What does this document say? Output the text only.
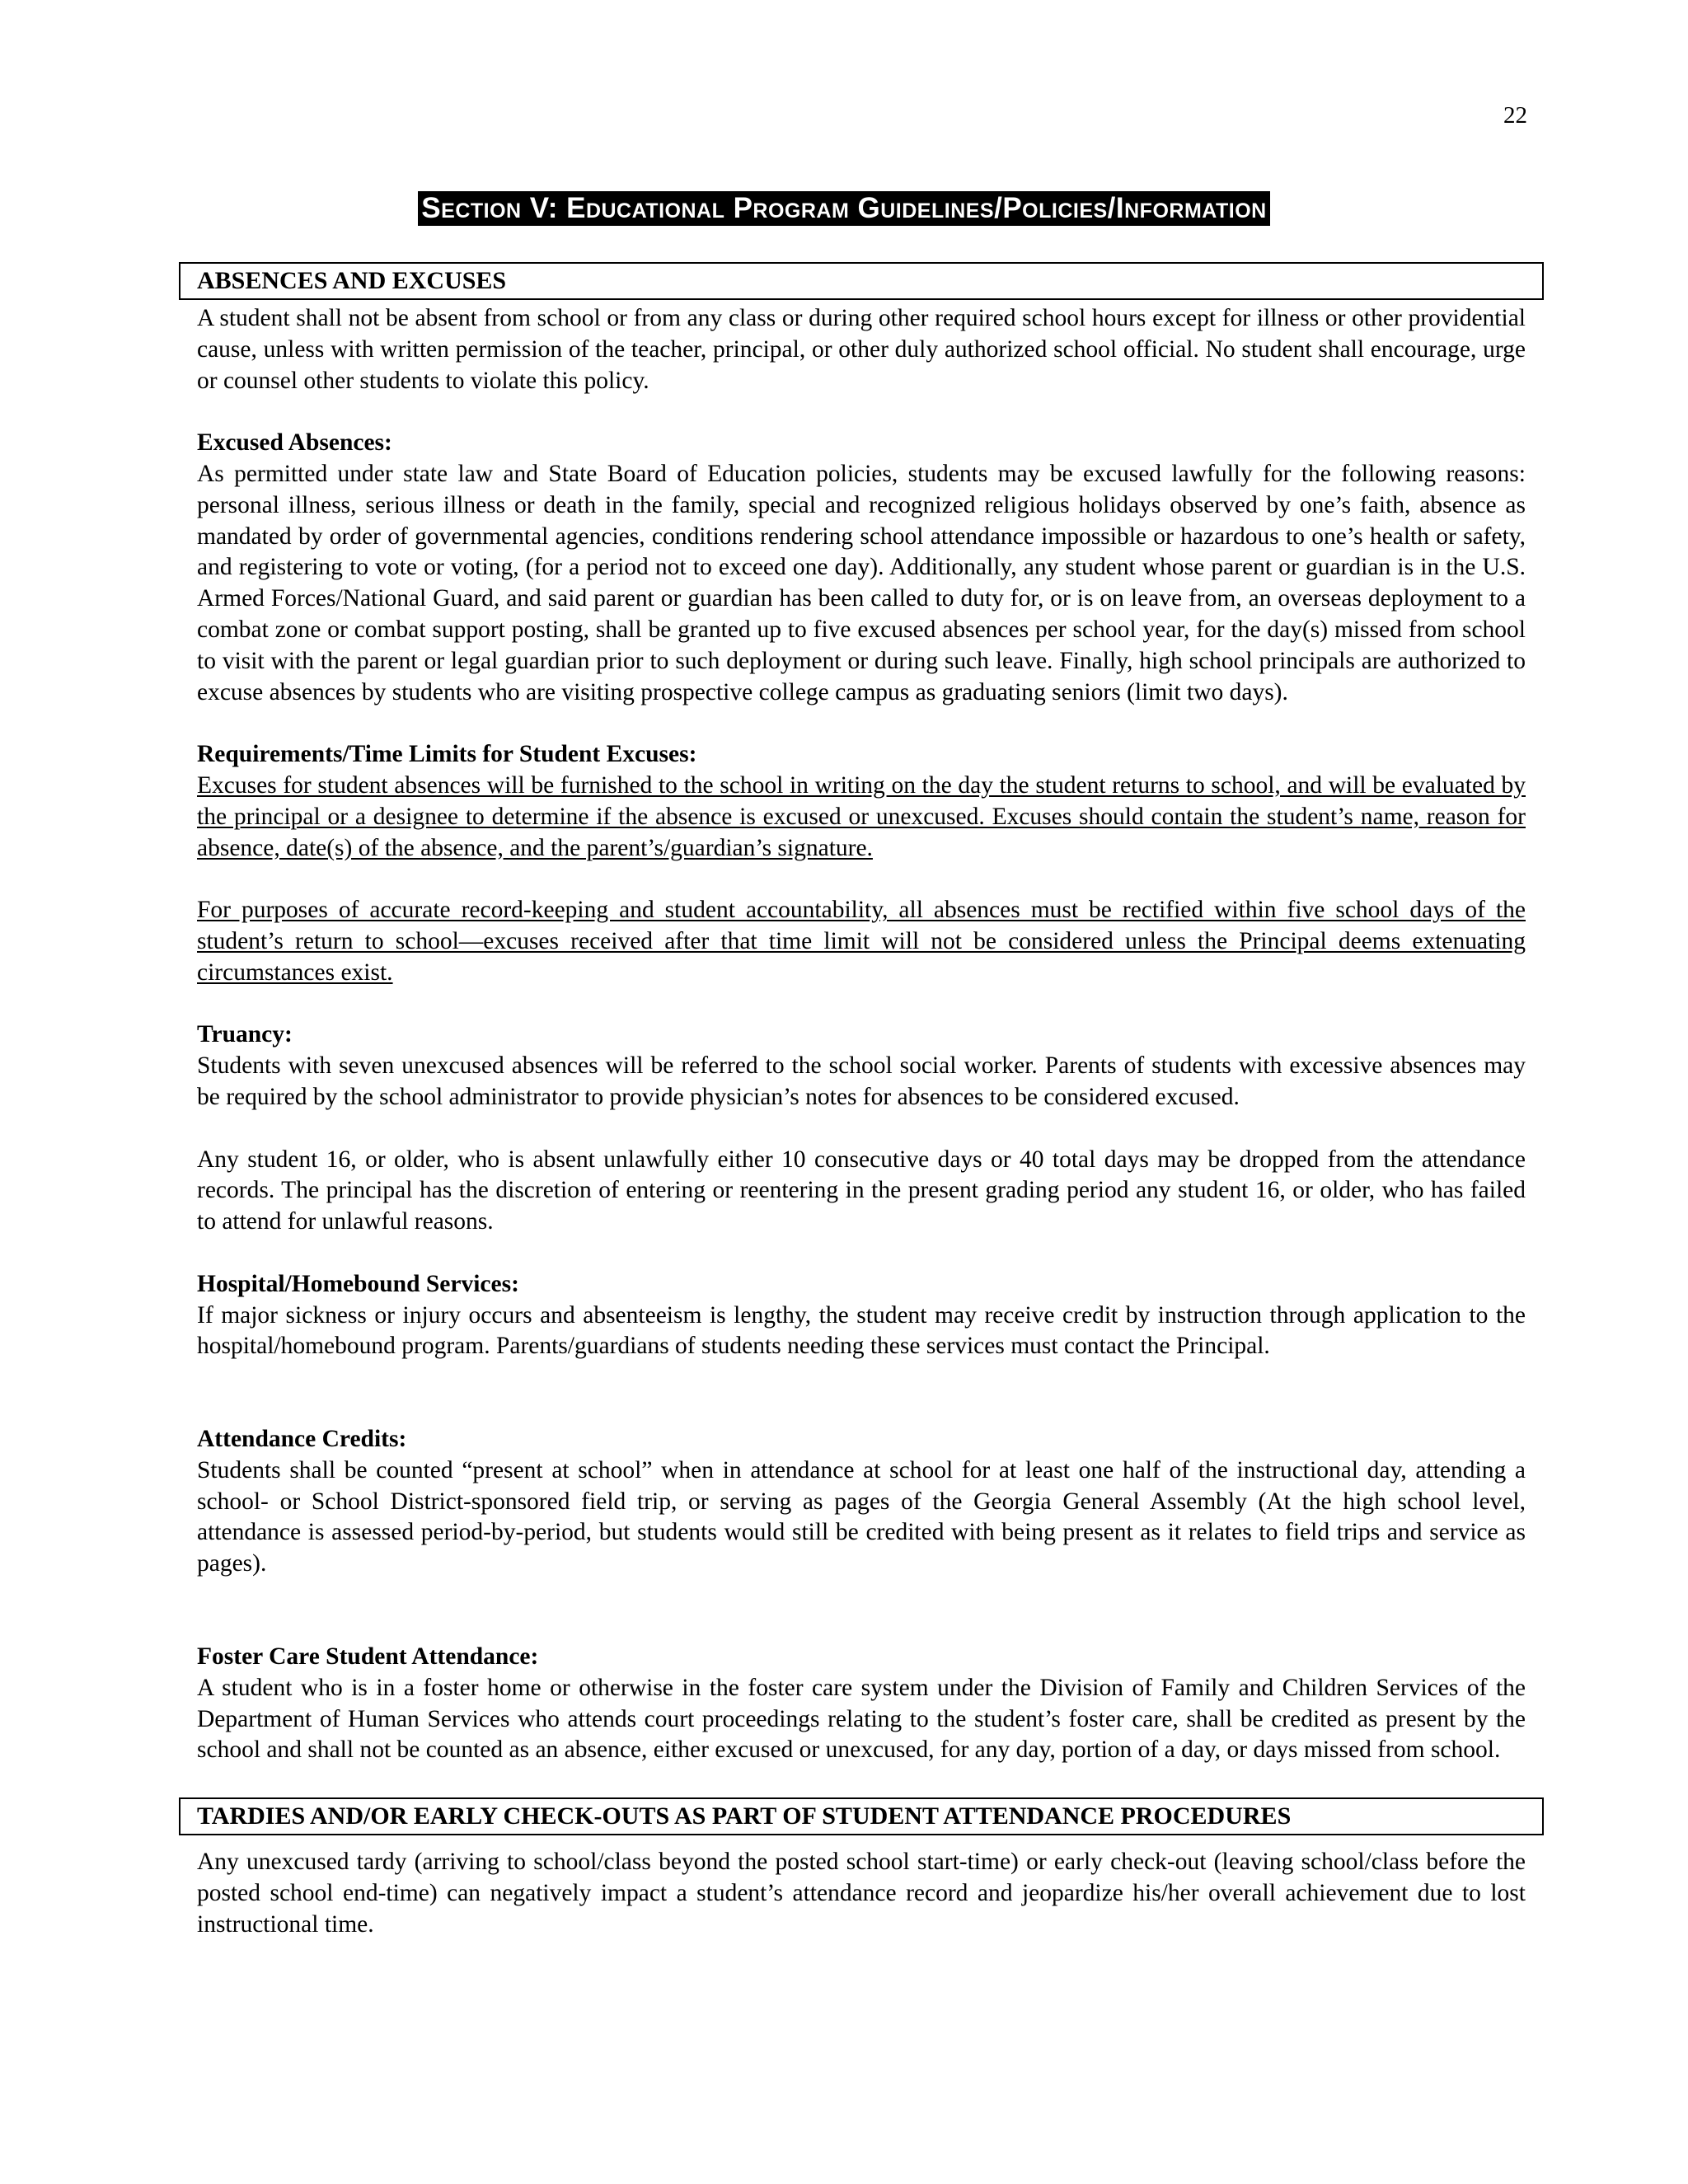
22
Section V: Educational Program Guidelines/Policies/Information
ABSENCES AND EXCUSES

A student shall not be absent from school or from any class or during other required school hours except for illness or other providential cause, unless with written permission of the teacher, principal, or other duly authorized school official. No student shall encourage, urge or counsel other students to violate this policy.

Excused Absences:
As permitted under state law and State Board of Education policies, students may be excused lawfully for the following reasons: personal illness, serious illness or death in the family, special and recognized religious holidays observed by one’s faith, absence as mandated by order of governmental agencies, conditions rendering school attendance impossible or hazardous to one’s health or safety, and registering to vote or voting, (for a period not to exceed one day). Additionally, any student whose parent or guardian is in the U.S. Armed Forces/National Guard, and said parent or guardian has been called to duty for, or is on leave from, an overseas deployment to a combat zone or combat support posting, shall be granted up to five excused absences per school year, for the day(s) missed from school to visit with the parent or legal guardian prior to such deployment or during such leave. Finally, high school principals are authorized to excuse absences by students who are visiting prospective college campus as graduating seniors (limit two days).

Requirements/Time Limits for Student Excuses:
Excuses for student absences will be furnished to the school in writing on the day the student returns to school, and will be evaluated by the principal or a designee to determine if the absence is excused or unexcused. Excuses should contain the student’s name, reason for absence, date(s) of the absence, and the parent’s/guardian’s signature.

For purposes of accurate record-keeping and student accountability, all absences must be rectified within five school days of the student’s return to school—excuses received after that time limit will not be considered unless the Principal deems extenuating circumstances exist.

Truancy:
Students with seven unexcused absences will be referred to the school social worker. Parents of students with excessive absences may be required by the school administrator to provide physician’s notes for absences to be considered excused.

Any student 16, or older, who is absent unlawfully either 10 consecutive days or 40 total days may be dropped from the attendance records. The principal has the discretion of entering or reentering in the present grading period any student 16, or older, who has failed to attend for unlawful reasons.

Hospital/Homebound Services:
If major sickness or injury occurs and absenteeism is lengthy, the student may receive credit by instruction through application to the hospital/homebound program. Parents/guardians of students needing these services must contact the Principal.

Attendance Credits:
Students shall be counted “present at school” when in attendance at school for at least one half of the instructional day, attending a school- or School District-sponsored field trip, or serving as pages of the Georgia General Assembly (At the high school level, attendance is assessed period-by-period, but students would still be credited with being present as it relates to field trips and service as pages).

Foster Care Student Attendance:
A student who is in a foster home or otherwise in the foster care system under the Division of Family and Children Services of the Department of Human Services who attends court proceedings relating to the student’s foster care, shall be credited as present by the school and shall not be counted as an absence, either excused or unexcused, for any day, portion of a day, or days missed from school.

TARDIES AND/OR EARLY CHECK-OUTS AS PART OF STUDENT ATTENDANCE PROCEDURES

Any unexcused tardy (arriving to school/class beyond the posted school start-time) or early check-out (leaving school/class before the posted school end-time) can negatively impact a student’s attendance record and jeopardize his/her overall achievement due to lost instructional time.
